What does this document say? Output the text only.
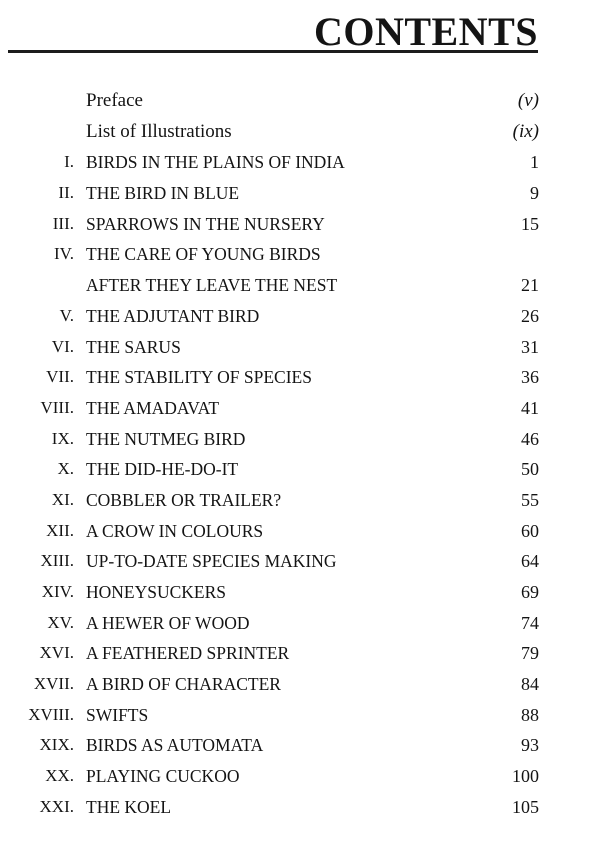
CONTENTS
Preface	(v)
List of Illustrations	(ix)
I. BIRDS IN THE PLAINS OF INDIA	1
II. THE BIRD IN BLUE	9
III. SPARROWS IN THE NURSERY	15
IV. THE CARE OF YOUNG BIRDS
AFTER THEY LEAVE THE NEST	21
V. THE ADJUTANT BIRD	26
VI. THE SARUS	31
VII. THE STABILITY OF SPECIES	36
VIII. THE AMADAVAT	41
IX. THE NUTMEG BIRD	46
X. THE DID-HE-DO-IT	50
XI. COBBLER OR TRAILER?	55
XII. A CROW IN COLOURS	60
XIII. UP-TO-DATE SPECIES MAKING	64
XIV. HONEYSUCKERS	69
XV. A HEWER OF WOOD	74
XVI. A FEATHERED SPRINTER	79
XVII. A BIRD OF CHARACTER	84
XVIII. SWIFTS	88
XIX. BIRDS AS AUTOMATA	93
XX. PLAYING CUCKOO	100
XXI. THE KOEL	105
